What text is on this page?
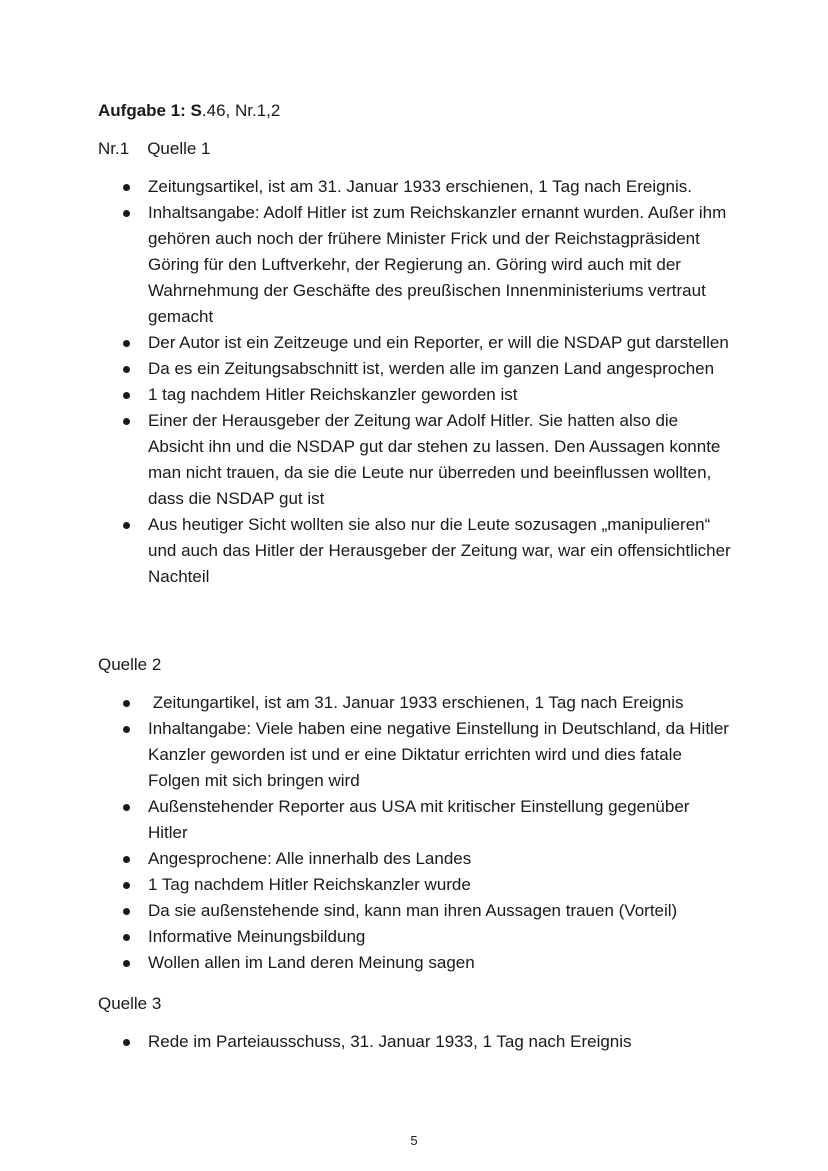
Aufgabe 1: S.46, Nr.1,2
Nr.1 Quelle 1
Zeitungsartikel, ist am 31. Januar 1933 erschienen, 1 Tag nach Ereignis.
Inhaltsangabe: Adolf Hitler ist zum Reichskanzler ernannt wurden. Außer ihm gehören auch noch der frühere Minister Frick und der Reichstagpräsident Göring für den Luftverkehr, der Regierung an. Göring wird auch mit der Wahrnehmung der Geschäfte des preußischen Innenministeriums vertraut gemacht
Der Autor ist ein Zeitzeuge und ein Reporter, er will die NSDAP gut darstellen
Da es ein Zeitungsabschnitt ist, werden alle im ganzen Land angesprochen
1 tag nachdem Hitler Reichskanzler geworden ist
Einer der Herausgeber der Zeitung war Adolf Hitler. Sie hatten also die Absicht ihn und die NSDAP gut dar stehen zu lassen. Den Aussagen konnte man nicht trauen, da sie die Leute nur überreden und beeinflussen wollten, dass die NSDAP gut ist
Aus heutiger Sicht wollten sie also nur die Leute sozusagen „manipulieren“ und auch das Hitler der Herausgeber der Zeitung war, war ein offensichtlicher Nachteil
Quelle 2
Zeitungartikel, ist am 31. Januar 1933 erschienen, 1 Tag nach Ereignis
Inhaltangabe: Viele haben eine negative Einstellung in Deutschland, da Hitler Kanzler geworden ist und er eine Diktatur errichten wird und dies fatale Folgen mit sich bringen wird
Außenstehender Reporter aus USA mit kritischer Einstellung gegenüber Hitler
Angesprochene: Alle innerhalb des Landes
1 Tag nachdem Hitler Reichskanzler wurde
Da sie außenstehende sind, kann man ihren Aussagen trauen (Vorteil)
Informative Meinungsbildung
Wollen allen im Land deren Meinung sagen
Quelle 3
Rede im Parteiausschuss, 31. Januar 1933, 1 Tag nach Ereignis
5
